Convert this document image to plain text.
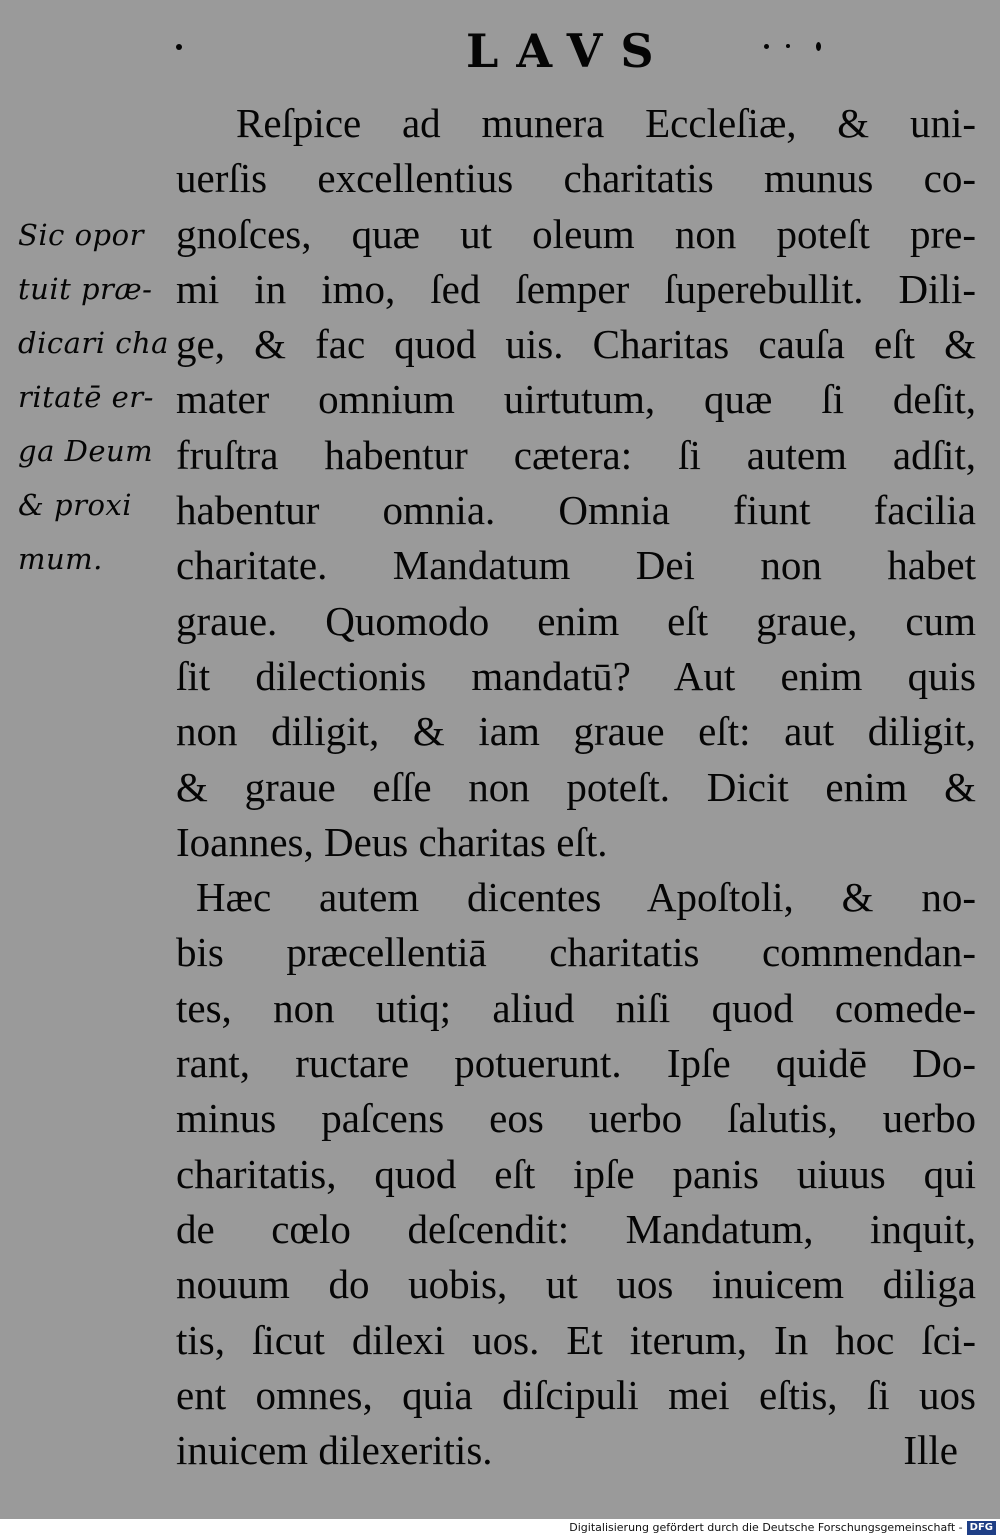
LAVS
Sic opor
tuit præ-
dicari cha
ritatē er-
ga Deum
& proxi
mum.
Reſpice ad munera Eccleſiæ, & uni-
uerſis excellentius charitatis munus co-
gnoſces, quæ ut oleum non poteſt pre-
mi in imo, ſed ſemper ſuperebullit. Dili-
ge, & fac quod uis. Charitas cauſa eſt &
mater omnium uirtutum, quæ ſi deſit,
fruſtra habentur cætera: ſi autem adſit,
habentur omnia. Omnia fiunt facilia
charitate. Mandatum Dei non habet
graue. Quomodo enim eſt graue, cum
ſit dilectionis mandatū? Aut enim quis
non diligit, & iam graue eſt: aut diligit,
& graue eſſe non poteſt. Dicit enim &
Ioannes, Deus charitas eſt.
Hæc autem dicentes Apoſtoli, & no-
bis præcellentiā charitatis commendan-
tes, non utiq; aliud niſi quod comede-
rant, ructare potuerunt. Ipſe quidē Do-
minus paſcens eos uerbo ſalutis, uerbo
charitatis, quod eſt ipſe panis uiuus qui
de cœlo deſcendit: Mandatum, inquit,
nouum do uobis, ut uos inuicem diliga
tis, ſicut dilexi uos. Et iterum, In hoc ſci-
ent omnes, quia diſcipuli mei eſtis, ſi uos
inuicem dilexeritis.	Ille
Digitalisierung gefördert durch die Deutsche Forschungsgemeinschaft - DFG
